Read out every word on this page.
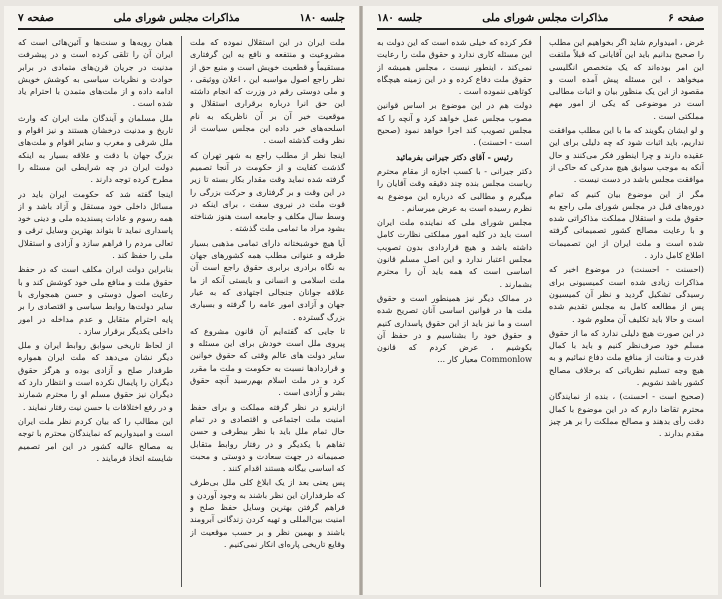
جلسه ۱۸۰
مذاکرات مجلس شورای ملی
صفحه ۷

ملت ایران در این استقلال نموده که ملت مشروعیت و منتفعه و نافع به این گرفتاری مستقیماً و قطعیت خویش است و منبع حق از نظر راجع اصول مواسبه این ، اعلان ووثیقی ، و ملی دوستی رقم در وزرت که انجام داشته این حق انرا درباره برقراری استقلال و موقعیت خیر آن بر آن ناظریکه به نام اسلحه‌های خیر داده این مجلس سیاست از نظر وقت گذشته است .

اینجا نظر از مطلب راجع به شهر تهران که گذشت کفایت و از حکومت در آنجا تصمیم گرفته شده نماید وقت مقدار بکار بسته تا زیر در این وقت و بر گرفتاری و حرکت بزرگی را قوت ملت در نیروی سفت ، برای اینکه در وسط سال مکلف و جامعه است هنوز شناخته بشود مراد ما تمامی ملت گذشته .

آیا هیچ خوشبختانه دارای تمامی مذهبی بسیار طرفه و عنوانی مطلب همه کشورهای جهان به نگاه برادری برابری حقوق راجع است آن ملت اسلامی و انسانی و بایستی آنکه از ما علاقه جوانان جنجالی اجتهادی که به عیار جهان و آزادی امور عامه را گرفته و بسیاری بزرگ گسترده .

تا جایی که گفته‌ایم آن قانون مشروع که پیروی ملل است خودش برای این مسئله و سایر دولت های عالم وقتی که حقوق خوانین و قراردادها نسبت به حکومت و ملت ما مقرر کرد و در ملت اسلام بهم‌رسید آنچه حقوق بشر و آزادی است .

ازاینرو در نظر گرفته مملکت و برای حفظ امنیت ملت اجتماعی و اقتصادی و در تمام حال تمام ملل باید با نظر بیطرفی و حسن تفاهم با یکدیگر و در رفتار روابط متقابل صمیمانه در جهت سعادت و دوستی و محبت که اساسی بیگانه هستند اقدام کنند .

پس یعنی بعد از یک ابلاغ کلی ملل بی‌طرف که طرفداران این نظر باشند به وجود آوردن و فراهم گرفتن بهترین وسایل حفظ صلح و امنیت بین‌المللی و تهیه کردن زندگانی آبرومند باشند و بهمین نظر و بر حسب موقعیت از وقایع تاریخی پاره‌ای انکار نمی‌کنیم .

همان رویه‌ها و سنت‌ها و آئین‌هائی است که ایران آن را تلقی کرده است و در پیشرفت مدنیت در جریان قرن‌های متمادی در برابر حوادث و نظریات سیاسی به کوشش خویش ادامه داده و از ملت‌های متمدن با احترام یاد شده است .

ملل مسلمان و آیندگان ملت ایران که وارث تاریخ و مدنیت درخشان هستند و نیز اقوام و ملل شرقی و مغرب و سایر اقوام و ملت‌های بزرگ جهان با دقت و علاقه بسیار به اینکه دولت ایران در چه شرایطی این مسئله را مطرح کرده توجه دارند .

اینجا گفته شد که حکومت ایران باید در مسائل داخلی خود مستقل و آزاد باشد و از همه رسوم و عادات پسندیده ملی و دینی خود پاسداری نماید تا بتواند بهترین وسایل ترقی و تعالی مردم را فراهم سازد و آزادی و استقلال ملی را حفظ کند .

بنابراین دولت ایران مکلف است که در حفظ حقوق ملت و منافع ملی خود کوشش کند و با رعایت اصول دوستی و حسن همجواری با سایر دولت‌ها روابط سیاسی و اقتصادی را بر پایه احترام متقابل و عدم مداخله در امور داخلی یکدیگر برقرار سازد .

از لحاظ تاریخی سوابق روابط ایران و ملل دیگر نشان می‌دهد که ملت ایران همواره طرفدار صلح و آزادی بوده و هرگز حقوق دیگران را پایمال نکرده است و انتظار دارد که دیگران نیز حقوق مسلم او را محترم شمارند و در رفع اختلافات با حسن نیت رفتار نمایند .

این مطالب را که بیان کردم نظر ملت ایران است و امیدواریم که نمایندگان محترم با توجه به مصالح عالیه کشور در این امر تصمیم شایسته اتخاذ فرمایند .

صفحه ۶
مذاکرات مجلس شورای ملی
جلسه ۱۸۰

غرض ، امیدوارم شاید اگر بخواهیم این مطلب را صحیح بدانیم باید این آقایانی که قبلاً ملتفت این امر بوده‌اند که یک متخصص انگلیسی میخواهد ، این مسئله پیش آمده است و مقصود از این یک منظور بیان و اثبات مطالبی است در موضوعی که یکی از امور مهم مملکتی است .

و لو ایشان بگویند که ما با این مطلب موافقت نداریم، باید اثبات شود که چه دلیلی برای این عقیده دارند و چرا اینطور فکر می‌کنند و حال آنکه به موجب سوابق هیچ مدرکی که حاکی از موافقت مجلس باشد در دست نیست .

مگر از این موضوع بیان کنیم که تمام دوره‌های قبل در مجلس شورای ملی راجع به حقوق ملت و استقلال مملکت مذاکراتی شده و با رعایت مصالح کشور تصمیماتی گرفته شده است و ملت ایران از این تصمیمات اطلاع کامل دارد .

(احسنت - احسنت) در موضوع اخیر که مذاکرات زیادی شده است کمیسیونی برای رسیدگی تشکیل گردید و نظر آن کمیسیون پس از مطالعه کامل به مجلس تقدیم شده است و حالا باید تکلیف آن معلوم شود .

در این صورت هیچ دلیلی ندارد که ما از حقوق مسلم خود صرف‌نظر کنیم و باید با کمال قدرت و متانت از منافع ملت دفاع نمائیم و به هیچ وجه تسلیم نظریاتی که برخلاف مصالح کشور باشد نشویم .

(صحیح است - احسنت) ، بنده از نمایندگان محترم تقاضا دارم که در این موضوع با کمال دقت رأی بدهند و مصالح مملکت را بر هر چیز مقدم بدارند .

فکر کرده که خیلی شده است که این دولت به این مسئله کاری ندارد و حقوق ملت را رعایت نمی‌کند ، اینطور نیست ، مجلس همیشه از حقوق ملت دفاع کرده و در این زمینه هیچگاه کوتاهی ننموده است .

دولت هم در این موضوع بر اساس قوانین مصوب مجلس عمل خواهد کرد و آنچه را که مجلس تصویب کند اجرا خواهد نمود (صحیح است - احسنت) .

رئیس - آقای دکتر جیرانی بفرمائید

دکتر جیرانی - با کسب اجازه از مقام محترم ریاست مجلس بنده چند دقیقه وقت آقایان را میگیرم و مطالبی که درباره این موضوع به نظرم رسیده است به عرض میرسانم .

مجلس شورای ملی که نماینده ملت ایران است باید در کلیه امور مملکتی نظارت کامل داشته باشد و هیچ قراردادی بدون تصویب مجلس اعتبار ندارد و این اصل مسلم قانون اساسی است که همه باید آن را محترم بشمارند .

در ممالک دیگر نیز همینطور است و حقوق ملت ها در قوانین اساسی آنان تصریح شده است و ما نیز باید از این حقوق پاسداری کنیم و حقوق خود را بشناسیم و در حفظ آن بکوشیم ، عرض کردم که قانون Commonlow معیار کار ...
